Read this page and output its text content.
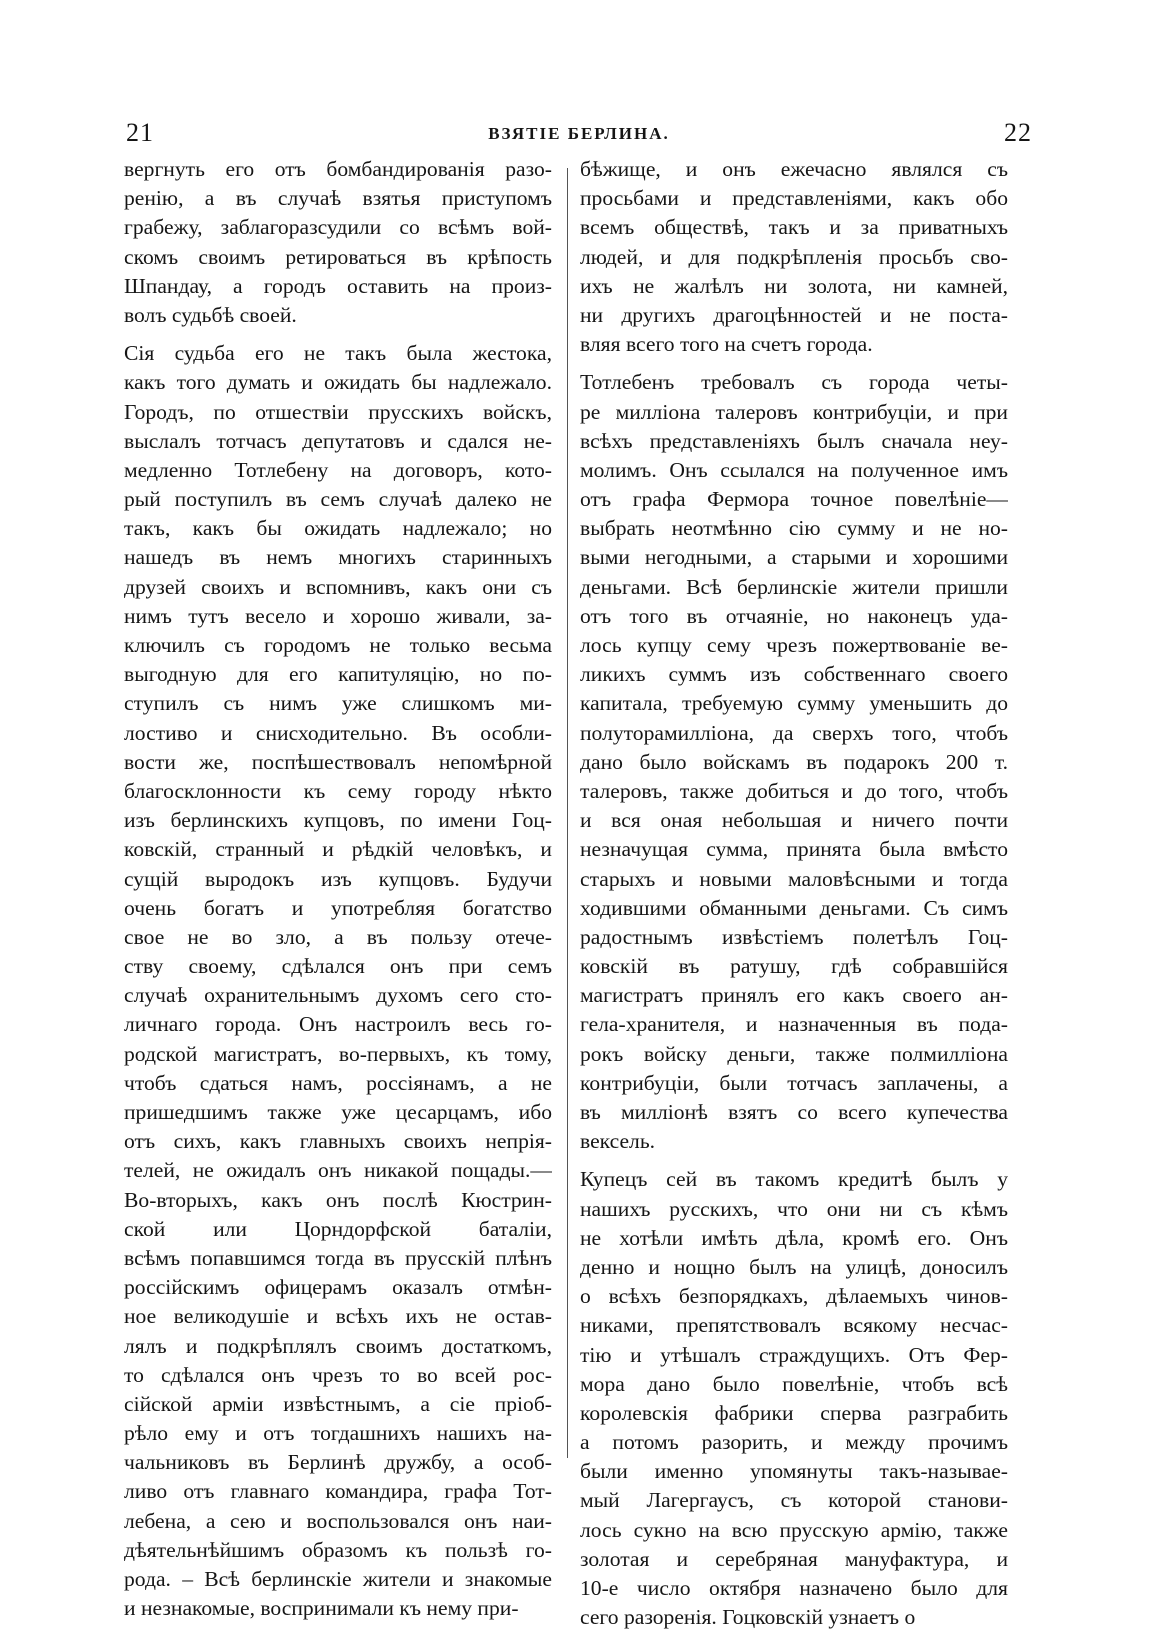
21	ВЗЯТІЕ БЕРЛИНА.	22
вергнуть его отъ бомбандированія разо-
ренію, а въ случаѣ взятья приступомъ
грабежу, заблагоразсудили со всѣмъ вой-
скомъ своимъ ретироваться въ крѣпость
Шпандау, а городъ оставить на произ-
волъ судьбѣ своей.
Сія судьба его не такъ была жестока,
какъ того думать и ожидать бы надлежало.
Городъ, по отшествіи прусскихъ войскъ,
выслалъ тотчасъ депутатовъ и сдался не-
медленно Тотлебену на договоръ, кото-
рый поступилъ въ семъ случаѣ далеко не
такъ, какъ бы ожидать надлежало; но
нашедъ въ немъ многихъ старинныхъ
друзей своихъ и вспомнивъ, какъ они съ
нимъ тутъ весело и хорошо живали, за-
ключилъ съ городомъ не только весьма
выгодную для его капитуляцію, но по-
ступилъ съ нимъ уже слишкомъ ми-
лостиво и снисходительно. Въ особли-
вости же, поспѣшествовалъ непомѣрной
благосклонности къ сему городу нѣкто
изъ берлинскихъ купцовъ, по имени Гоц-
ковскій, странный и рѣдкій человѣкъ, и
сущій выродокъ изъ купцовъ. Будучи
очень богатъ и употребляя богатство
свое не во зло, а въ пользу отече-
ству своему, сдѣлался онъ при семъ
случаѣ охранительнымъ духомъ сего сто-
личнаго города. Онъ настроилъ весь го-
родской магистратъ, во-первыхъ, къ тому,
чтобъ сдаться намъ, россіянамъ, а не
пришедшимъ также уже цесарцамъ, ибо
отъ сихъ, какъ главныхъ своихъ непрія-
телей, не ожидалъ онъ никакой пощады.—
Во-вторыхъ, какъ онъ послѣ Кюстрин-
ской или Цорндорфской баталіи,
всѣмъ попавшимся тогда въ прусскій плѣнъ
россійскимъ офицерамъ оказалъ отмѣн-
ное великодушіе и всѣхъ ихъ не остав-
лялъ и подкрѣплялъ своимъ достаткомъ,
то сдѣлался онъ чрезъ то во всей рос-
сійской арміи извѣстнымъ, а сіе пріоб-
рѣло ему и отъ тогдашнихъ нашихъ на-
чальниковъ въ Берлинѣ дружбу, а особ-
ливо отъ главнаго командира, графа Тот-
лебена, а сею и воспользовался онъ наи-
дѣятельнѣйшимъ образомъ къ пользѣ го-
рода. – Всѣ берлинскіе жители и знакомые
и незнакомые, воспринимали къ нему при-
бѣжище, и онъ ежечасно являлся съ
просьбами и представленіями, какъ обо
всемъ обществѣ, такъ и за приватныхъ
людей, и для подкрѣпленія просьбъ сво-
ихъ не жалѣлъ ни золота, ни камней,
ни другихъ драгоцѣнностей и не поста-
вляя всего того на счетъ города.
Тотлебенъ требовалъ съ города четы-
ре милліона талеровъ контрибуціи, и при
всѣхъ представленіяхъ былъ сначала неу-
молимъ. Онъ ссылался на полученное имъ
отъ графа Фермора точное повелѣніе—
выбрать неотмѣнно сію сумму и не но-
выми негодными, а старыми и хорошими
деньгами. Всѣ берлинскіе жители пришли
отъ того въ отчаяніе, но наконецъ уда-
лось купцу сему чрезъ пожертвованіе ве-
ликихъ суммъ изъ собственнаго своего
капитала, требуемую сумму уменьшить до
полуторамилліона, да сверхъ того, чтобъ
дано было войскамъ въ подарокъ 200 т.
талеровъ, также добиться и до того, чтобъ
и вся оная небольшая и ничего почти
незначущая сумма, принята была вмѣсто
старыхъ и новыми маловѣсными и тогда
ходившими обманными деньгами. Съ симъ
радостнымъ извѣстіемъ полетѣлъ Гоц-
ковскій въ ратушу, гдѣ собравшійся
магистратъ принялъ его какъ своего ан-
гела-хранителя, и назначенныя въ пода-
рокъ войску деньги, также полмилліона
контрибуціи, были тотчасъ заплачены, а
въ милліонѣ взятъ со всего купечества
вексель.
Купецъ сей въ такомъ кредитѣ былъ у
нашихъ русскихъ, что они ни съ кѣмъ
не хотѣли имѣть дѣла, кромѣ его. Онъ
денно и нощно былъ на улицѣ, доносилъ
о всѣхъ безпорядкахъ, дѣлаемыхъ чинов-
никами, препятствовалъ всякому несчас-
тію и утѣшалъ страждущихъ. Отъ Фер-
мора дано было повелѣніе, чтобъ всѣ
королевскія фабрики сперва разграбить
а потомъ разорить, и между прочимъ
были именно упомянуты такъ-называе-
мый Лагергаусъ, съ которой станови-
лось сукно на всю прусскую армію, также
золотая и серебряная мануфактура, и
10-е число октября назначено было для
сего разоренія. Гоцковскій узнаетъ о
